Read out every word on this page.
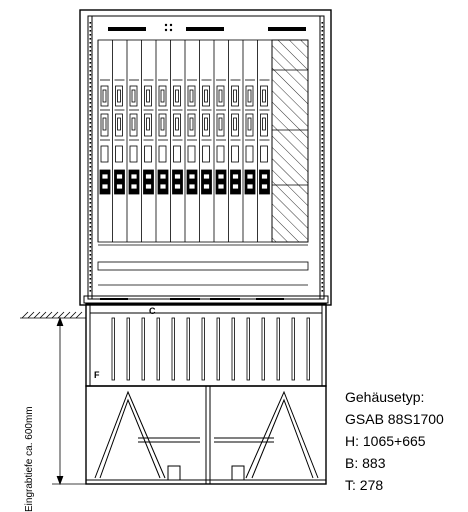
Eingrabtiefe ca. 600mm
C
F
Gehäusetyp:
GSAB 88S1700
H: 1065+665
B: 883
T: 278
